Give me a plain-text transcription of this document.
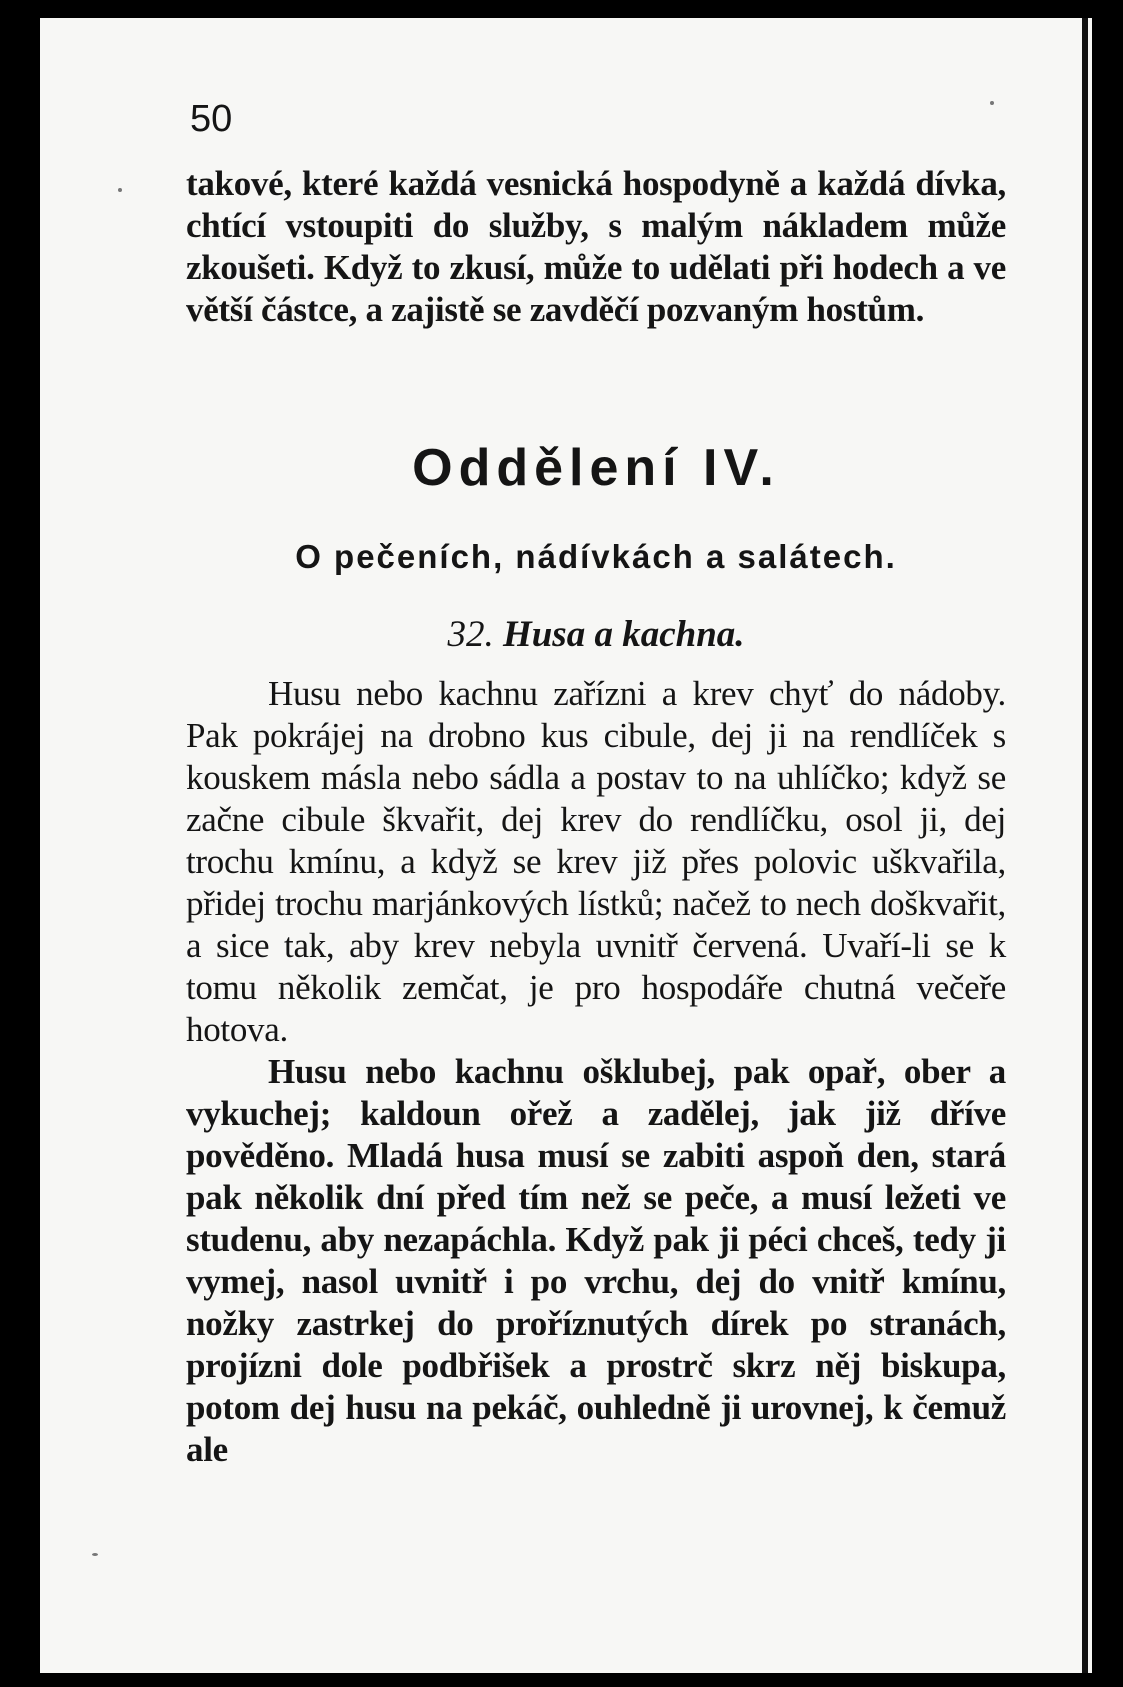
50

takové, které každá vesnická hospodyně a každá dívka, chtící vstoupiti do služby, s malým nákladem může zkoušeti. Když to zkusí, může to udělati při hodech a ve větší částce, a zajistě se zavděčí pozvaným hostům.

Oddělení IV.
O pečeních, nádívkách a salátech.
32. Husa a kachna.

Husu nebo kachnu zařízni a krev chyť do nádoby. Pak pokrájej na drobno kus cibule, dej ji na rendlíček s kouskem másla nebo sádla a postav to na uhlíčko; když se začne cibule škvařit, dej krev do rendlíčku, osol ji, dej trochu kmínu, a když se krev již přes polovic uškvařila, přidej trochu marjánkových lístků; načež to nech doškvařit, a sice tak, aby krev nebyla uvnitř červená. Uvaří-li se k tomu několik zemčat, je pro hospodáře chutná večeře hotova.

Husu nebo kachnu ošklubej, pak opař, ober a vykuchej; kaldoun ořež a zadělej, jak již dříve pověděno. Mladá husa musí se zabiti aspoň den, stará pak několik dní před tím než se peče, a musí ležeti ve studenu, aby nezapáchla. Když pak ji péci chceš, tedy ji vymej, nasol uvnitř i po vrchu, dej do vnitř kmínu, nožky zastrkej do proříznutých dírek po stranách, projízni dole podbřišek a prostrč skrz něj biskupa, potom dej husu na pekáč, ouhledně ji urovnej, k čemuž ale
